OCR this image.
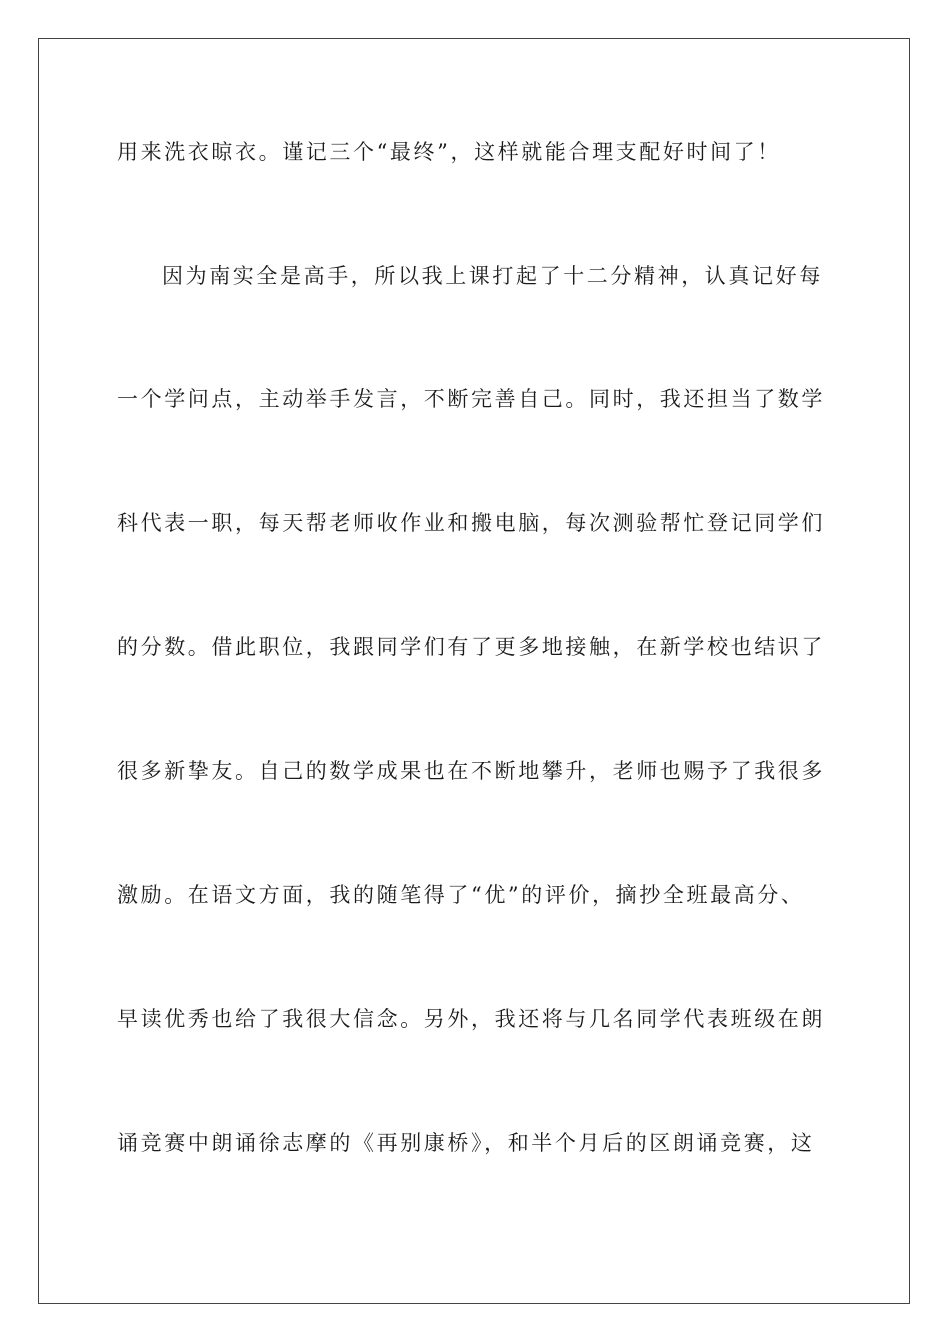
用来洗衣晾衣。谨记三个“最终”，这样就能合理支配好时间了！
因为南实全是高手，所以我上课打起了十二分精神，认真记好每
一个学问点，主动举手发言，不断完善自己。同时，我还担当了数学
科代表一职，每天帮老师收作业和搬电脑，每次测验帮忙登记同学们
的分数。借此职位，我跟同学们有了更多地接触，在新学校也结识了
很多新挚友。自己的数学成果也在不断地攀升，老师也赐予了我很多
激励。在语文方面，我的随笔得了“优”的评价，摘抄全班最高分、
早读优秀也给了我很大信念。另外，我还将与几名同学代表班级在朗
诵竞赛中朗诵徐志摩的《再别康桥》，和半个月后的区朗诵竞赛，这
